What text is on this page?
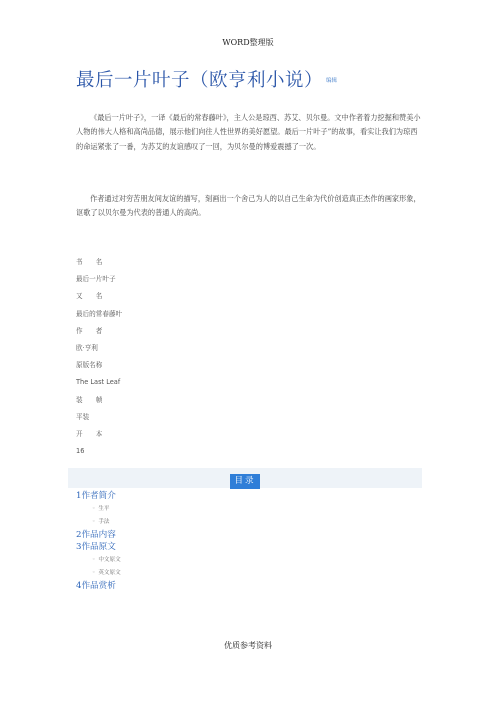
WORD整理版
最后一片叶子（欧亨利小说） $^{编辑}$
《最后一片叶子》，一译《最后的常春藤叶》，主人公是琼西、苏艾、贝尔曼。文中作者着力挖掘和赞美小人物的伟大人格和高尚品德，展示他们向往人性世界的美好愿望。最后一片叶子”的故事，看实让我们为琼西的命运紧张了一番，为苏艾的友谊感叹了一回，为贝尔曼的博爱震撼了一次。
作者通过对穷苦朋友间友谊的描写，刻画出一个舍己为人的以自己生命为代价创造真正杰作的画家形象，讴歌了以贝尔曼为代表的普通人的高尚。
书　　名
最后一片叶子
又　　名
最后的常春藤叶
作　　者
欧·亨利
原版名称
The Last Leaf
装　　帧
平装
开　　本
16
目录
1作者简介
◦ 生平
◦ 手法
2作品内容
3作品原文
◦ 中文原文
◦ 英文原文
4作品赏析
优质参考资料
